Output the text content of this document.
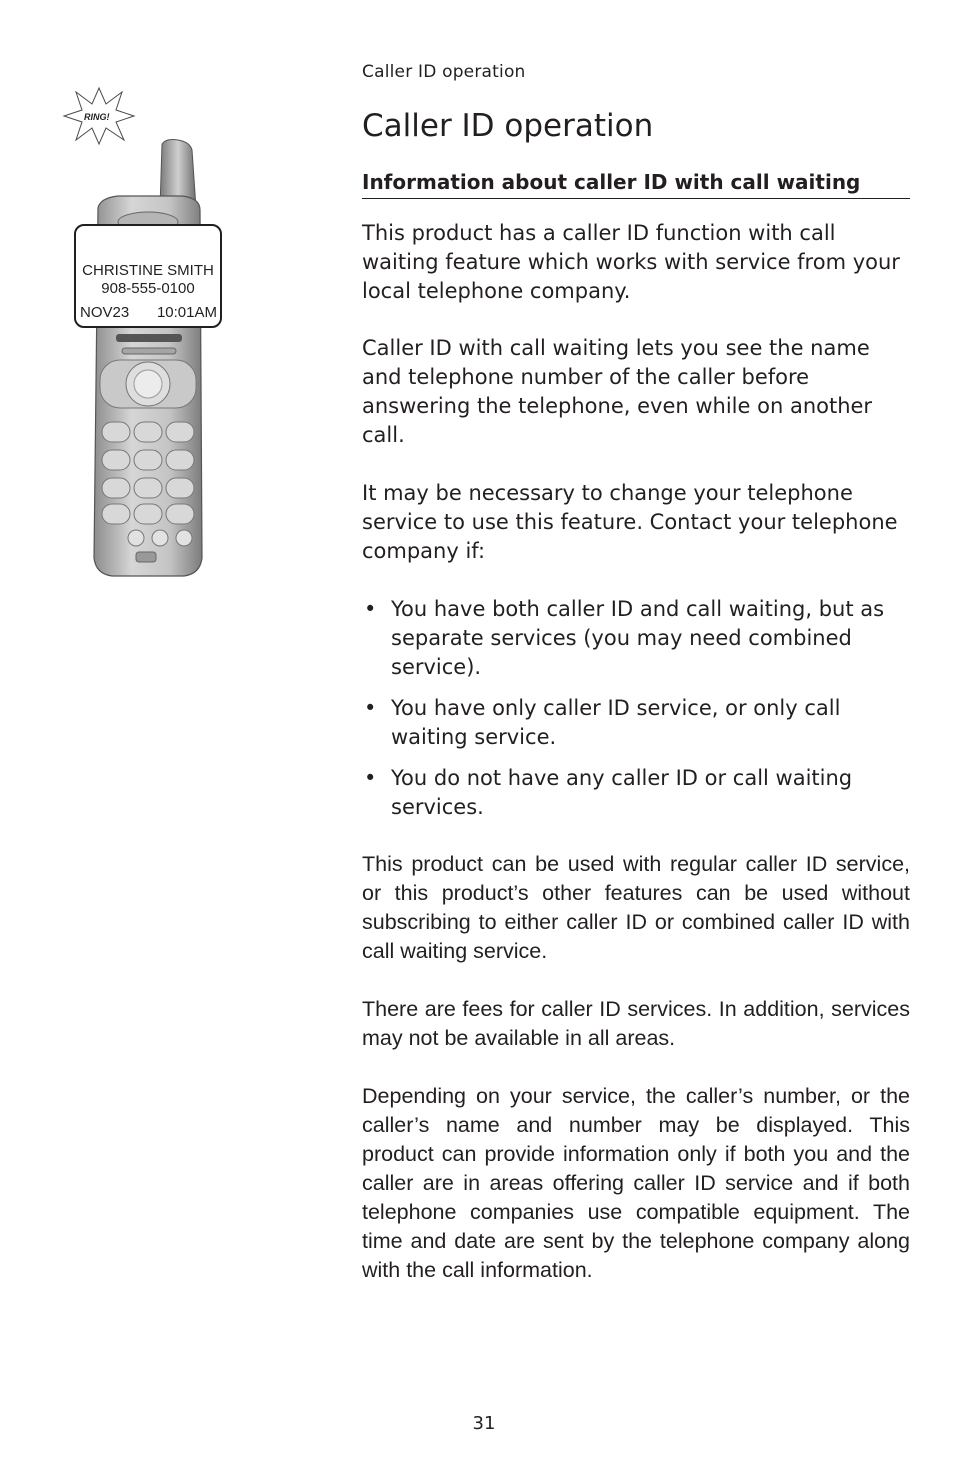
Caller ID operation
Caller ID operation
Information about caller ID with call waiting
This product has a caller ID function with call waiting feature which works with service from your local telephone company.
Caller ID with call waiting lets you see the name and telephone number of the caller before answering the telephone, even while on another call.
It may be necessary to change your telephone service to use this feature. Contact your telephone company if:
• You have both caller ID and call waiting, but as separate services (you may need combined service).
• You have only caller ID service, or only call waiting service.
• You do not have any caller ID or call waiting services.
This product can be used with regular caller ID service, or this product’s other features can be used without subscribing to either caller ID or combined caller ID with call waiting service.
There are fees for caller ID services. In addition, services may not be available in all areas.
Depending on your service, the caller’s number, or the caller’s name and number may be displayed. This product can provide information only if both you and the caller are in areas offering caller ID service and if both telephone companies use compatible equipment. The time and date are sent by the telephone company along with the call information.
RING!
CHRISTINE SMITH
908-555-0100
NOV23 10:01AM
31
